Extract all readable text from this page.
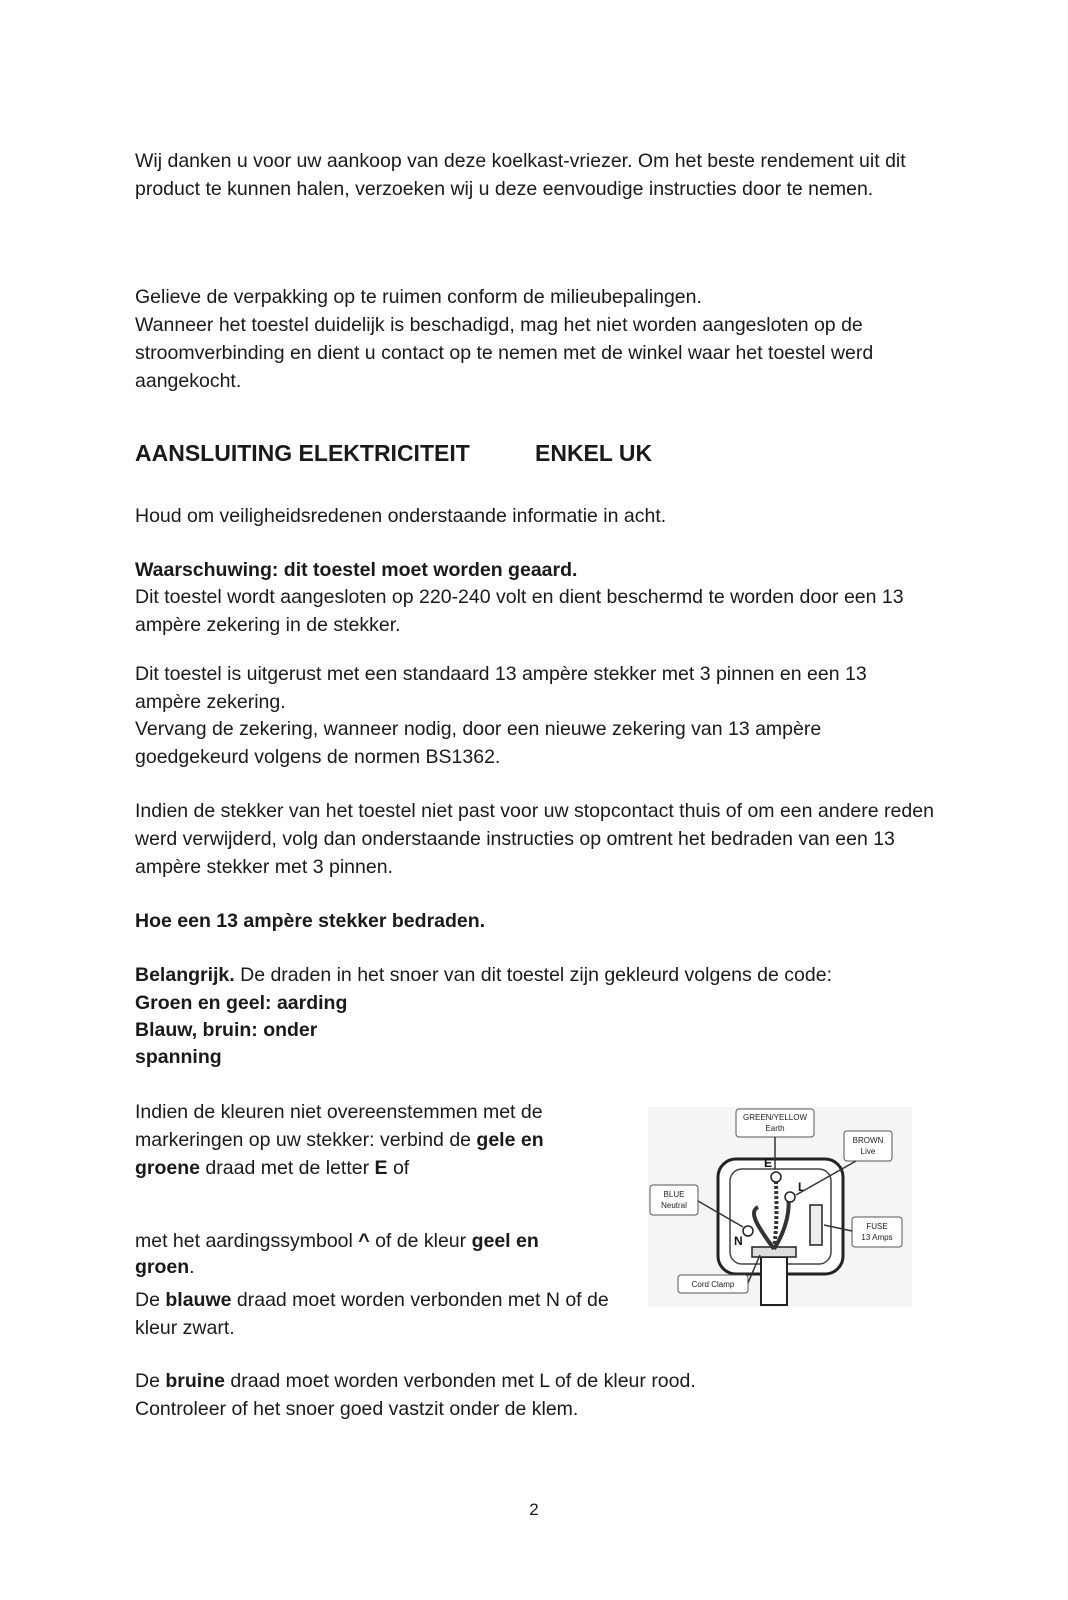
Wij danken u voor uw aankoop van deze koelkast-vriezer. Om het beste rendement uit dit product te kunnen halen, verzoeken wij u deze eenvoudige instructies door te nemen.

Gelieve de verpakking op te ruimen conform de milieubepalingen.

Wanneer het toestel duidelijk is beschadigd, mag het niet worden aangesloten op de stroomverbinding en dient u contact op te nemen met de winkel waar het toestel werd aangekocht.

AANSLUITING ELEKTRICITEIT	ENKEL UK

Houd om veiligheidsredenen onderstaande informatie in acht.

Waarschuwing: dit toestel moet worden geaard.

Dit toestel wordt aangesloten op 220-240 volt en dient beschermd te worden door een 13 ampère zekering in de stekker.

Dit toestel is uitgerust met een standaard 13 ampère stekker met 3 pinnen en een 13 ampère zekering.

Vervang de zekering, wanneer nodig, door een nieuwe zekering van 13 ampère goedgekeurd volgens de normen BS1362.

Indien de stekker van het toestel niet past voor uw stopcontact thuis of om een andere reden werd verwijderd, volg dan onderstaande instructies op omtrent het bedraden van een 13 ampère stekker met 3 pinnen.

Hoe een 13 ampère stekker bedraden.

Belangrijk. De draden in het snoer van dit toestel zijn gekleurd volgens de code:

Groen en geel: aarding

Blauw, bruin: onder

spanning

Indien de kleuren niet overeenstemmen met de markeringen op uw stekker: verbind de gele en groene draad met de letter E of

met het aardingssymbool ^ of de kleur geel en groen.

De blauwe draad moet worden verbonden met N of de kleur zwart.

De bruine draad moet worden verbonden met L of de kleur rood.

Controleer of het snoer goed vastzit onder de klem.

E
L
N
GREEN/YELLOW
Earth
BROWN
Live
BLUE
Neutral
FUSE
13 Amps
Cord Clamp
2
